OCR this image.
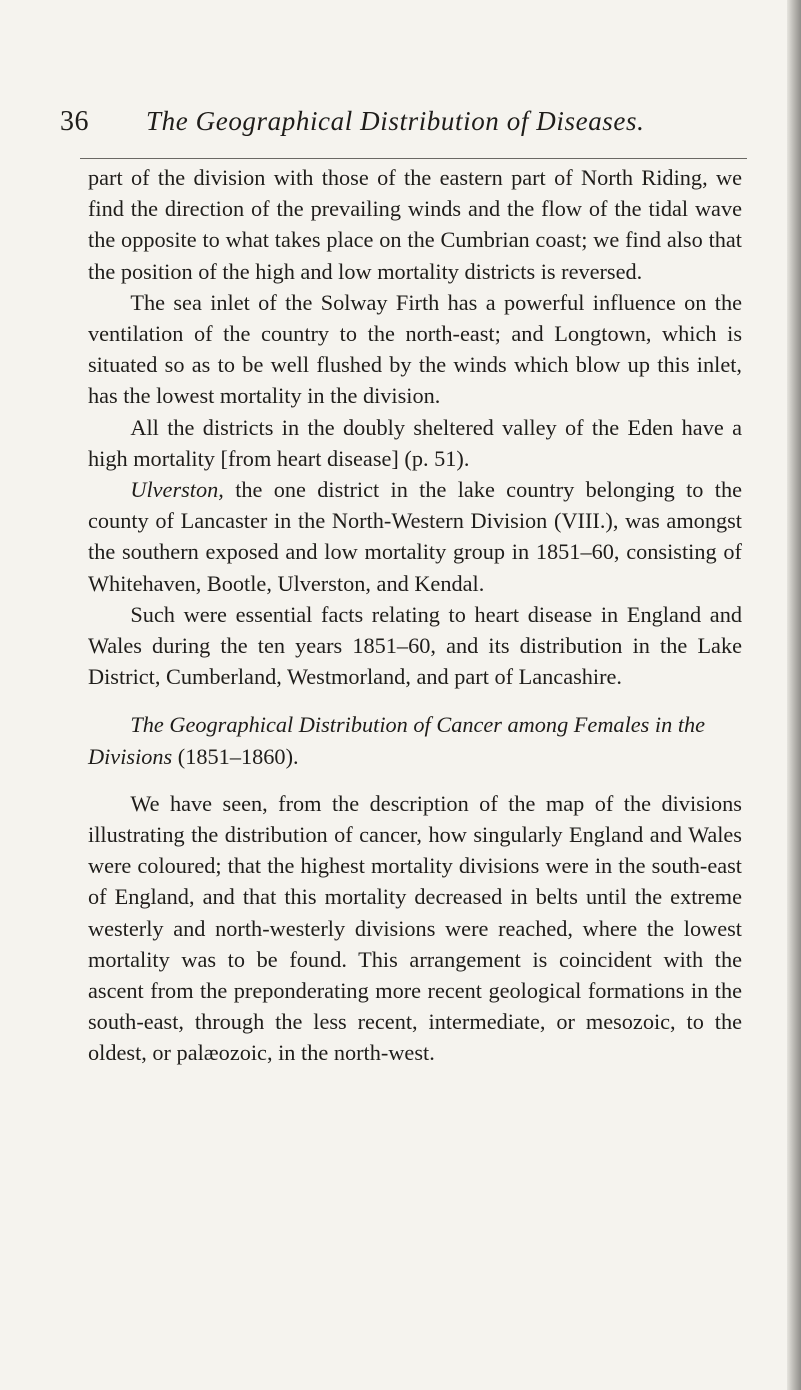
36 The Geographical Distribution of Diseases.

part of the division with those of the eastern part of North Riding, we find the direction of the prevailing winds and the flow of the tidal wave the opposite to what takes place on the Cumbrian coast; we find also that the position of the high and low mortality districts is reversed.

The sea inlet of the Solway Firth has a powerful influence on the ventilation of the country to the north-east; and Longtown, which is situated so as to be well flushed by the winds which blow up this inlet, has the lowest mortality in the division.

All the districts in the doubly sheltered valley of the Eden have a high mortality [from heart disease] (p. 51).

Ulverston, the one district in the lake country belonging to the county of Lancaster in the North-Western Division (VIII.), was amongst the southern exposed and low mortality group in 1851–60, consisting of Whitehaven, Bootle, Ulverston, and Kendal.

Such were essential facts relating to heart disease in England and Wales during the ten years 1851–60, and its distribution in the Lake District, Cumberland, Westmorland, and part of Lancashire.

The Geographical Distribution of Cancer among Females in the Divisions (1851–1860).

We have seen, from the description of the map of the divisions illustrating the distribution of cancer, how singularly England and Wales were coloured; that the highest mortality divisions were in the south-east of England, and that this mortality decreased in belts until the extreme westerly and north-westerly divisions were reached, where the lowest mortality was to be found. This arrangement is coincident with the ascent from the preponderating more recent geological formations in the south-east, through the less recent, intermediate, or mesozoic, to the oldest, or palæozoic, in the north-west.
